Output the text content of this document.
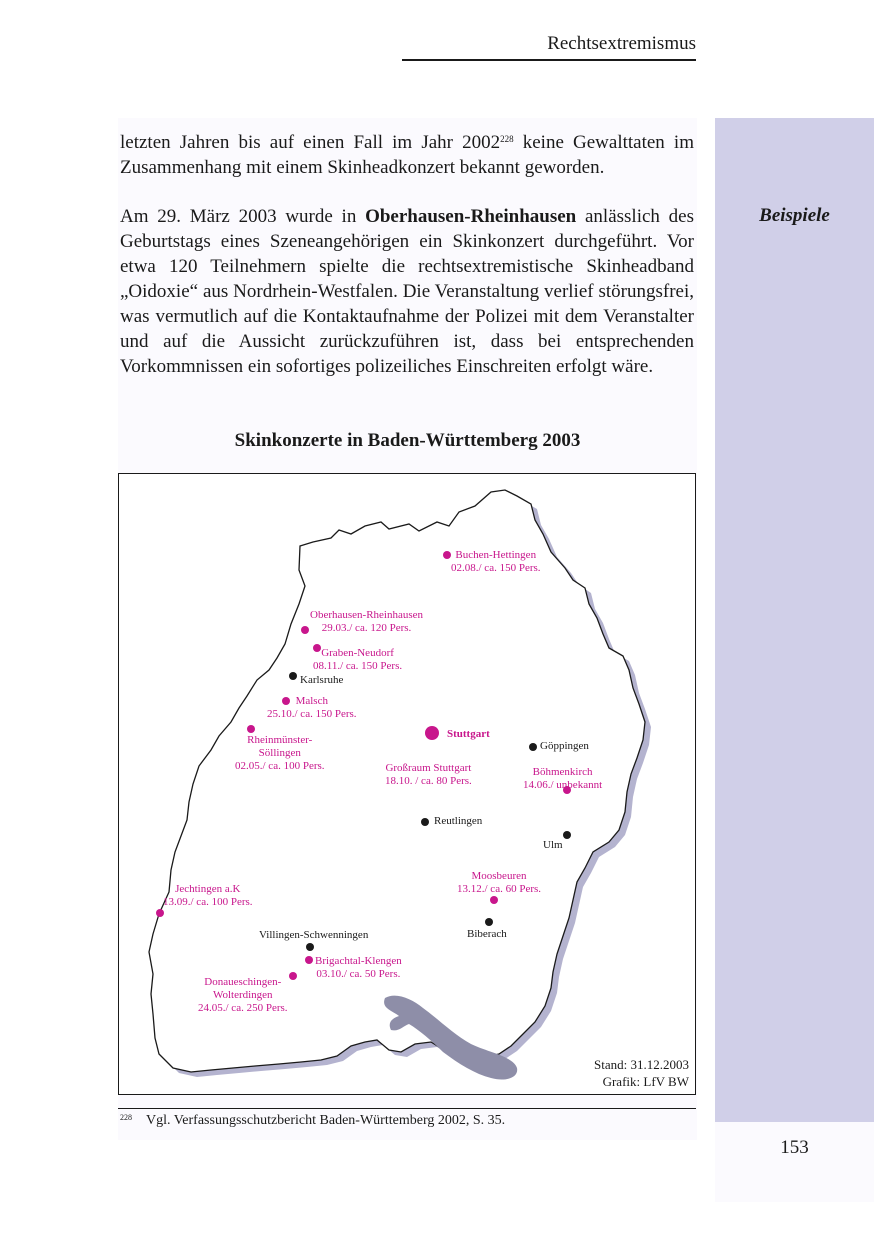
Rechtsextremismus
Beispiele
153

letzten Jahren bis auf einen Fall im Jahr 2002$^{228}$ keine Gewalttaten im Zusammenhang mit einem Skinheadkonzert bekannt geworden.

Am 29. März 2003 wurde in Oberhausen-Rheinhausen anlässlich des Geburtstags eines Szeneangehörigen ein Skinkonzert durchgeführt. Vor etwa 120 Teilnehmern spielte die rechtsextremistische Skinheadband „Oidoxie“ aus Nordrhein-Westfalen. Die Veranstaltung verlief störungsfrei, was vermutlich auf die Kontaktaufnahme der Polizei mit dem Veranstalter und auf die Aussicht zurückzuführen ist, dass bei entsprechenden Vorkommnissen ein sofortiges polizeiliches Einschreiten erfolgt wäre.

Skinkonzerte in Baden-Württemberg 2003
Buchen-Hettingen
02.08./ ca. 150 Pers.
Oberhausen-Rheinhausen
29.03./ ca. 120 Pers.
Graben-Neudorf
08.11./ ca. 150 Pers.
Malsch
25.10./ ca. 150 Pers.
Rheinmünster-
Söllingen
02.05./ ca. 100 Pers.	Großraum Stuttgart
18.10. / ca. 80 Pers.
Böhmenkirch
14.06./ unbekannt
Jechtingen a.K
13.09./ ca. 100 Pers.
Moosbeuren
13.12./ ca. 60 Pers.
Brigachtal-Klengen
03.10./ ca. 50 Pers.
Donaueschingen-
Wolterdingen
24.05./ ca. 250 Pers.
Karlsruhe
Stuttgart
Göppingen
Reutlingen
Ulm
Biberach
Villingen-Schwenningen
Stand: 31.12.2003
Grafik: LfV BW
$^{228}$ Vgl. Verfassungsschutzbericht Baden-Württemberg 2002, S. 35.
